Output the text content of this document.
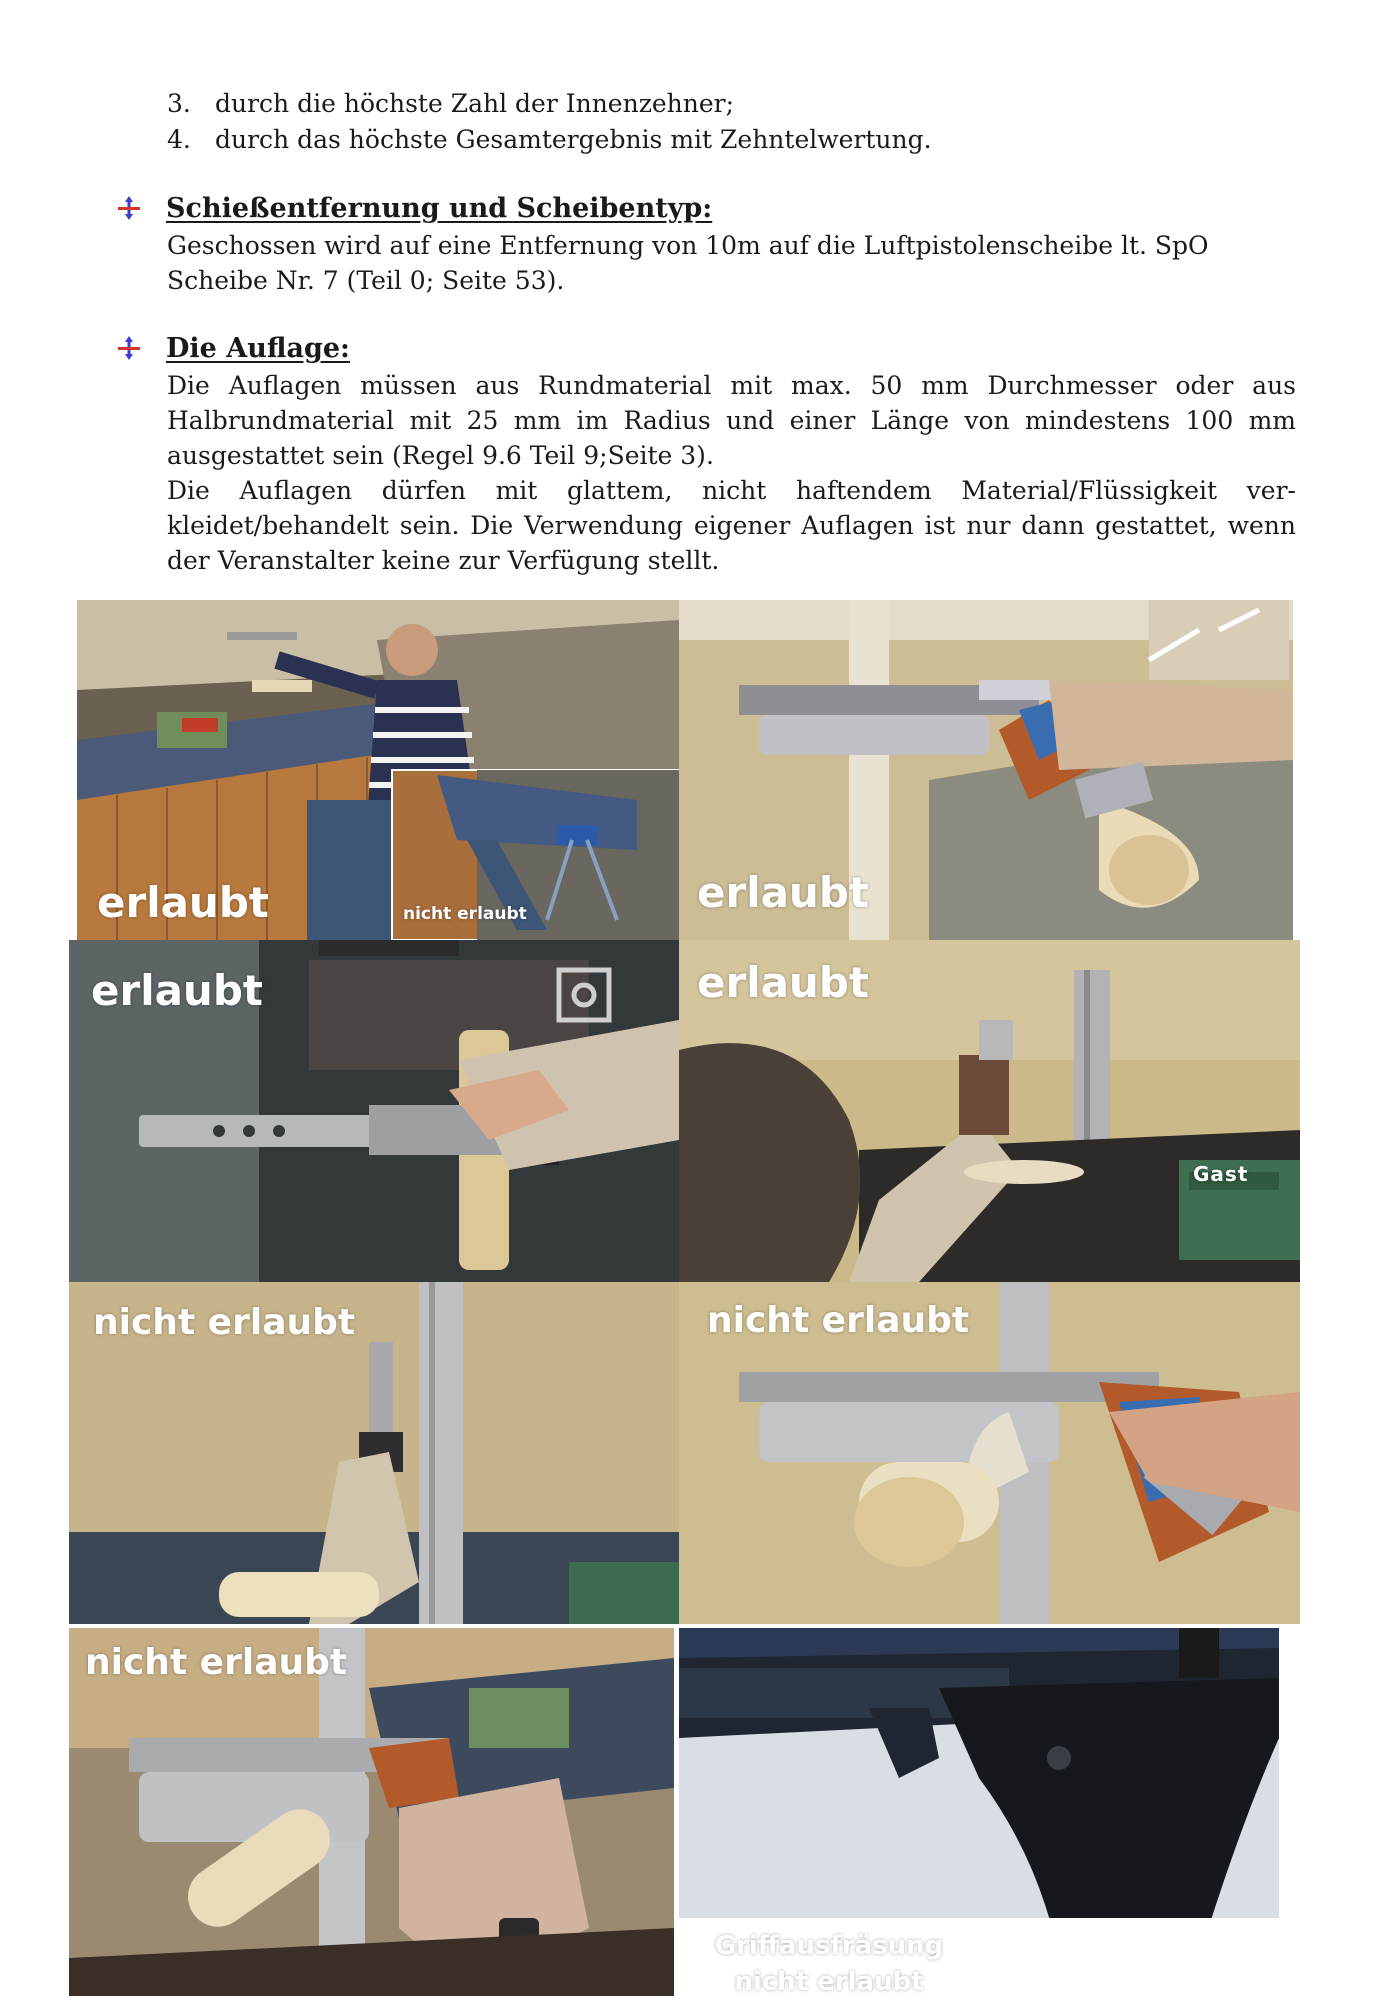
3. durch die höchste Zahl der Innenzehner;
4. durch das höchste Gesamtergebnis mit Zehntelwertung.
Schießentfernung und Scheibentyp:

Geschossen wird auf eine Entfernung von 10m auf die Luftpistolenscheibe lt. SpO Scheibe Nr. 7 (Teil 0; Seite 53).

Die Auflage:

Die Auflagen müssen aus Rundmaterial mit max. 50 mm Durchmesser oder aus Halbrundmaterial mit 25 mm im Radius und einer Länge von mindestens 100 mm ausgestattet sein (Regel 9.6 Teil 9;Seite 3).

Die Auflagen dürfen mit glattem, nicht haftendem Material/Flüssigkeit ver-kleidet/behandelt sein. Die Verwendung eigener Auflagen ist nur dann gestattet, wenn der Veranstalter keine zur Verfügung stellt.

erlaubt	nicht erlaubt	erlaubt
erlaubt	erlaubt
Gast
nicht erlaubt	nicht erlaubt
nicht erlaubt
Griffausfräsung
nicht erlaubt
